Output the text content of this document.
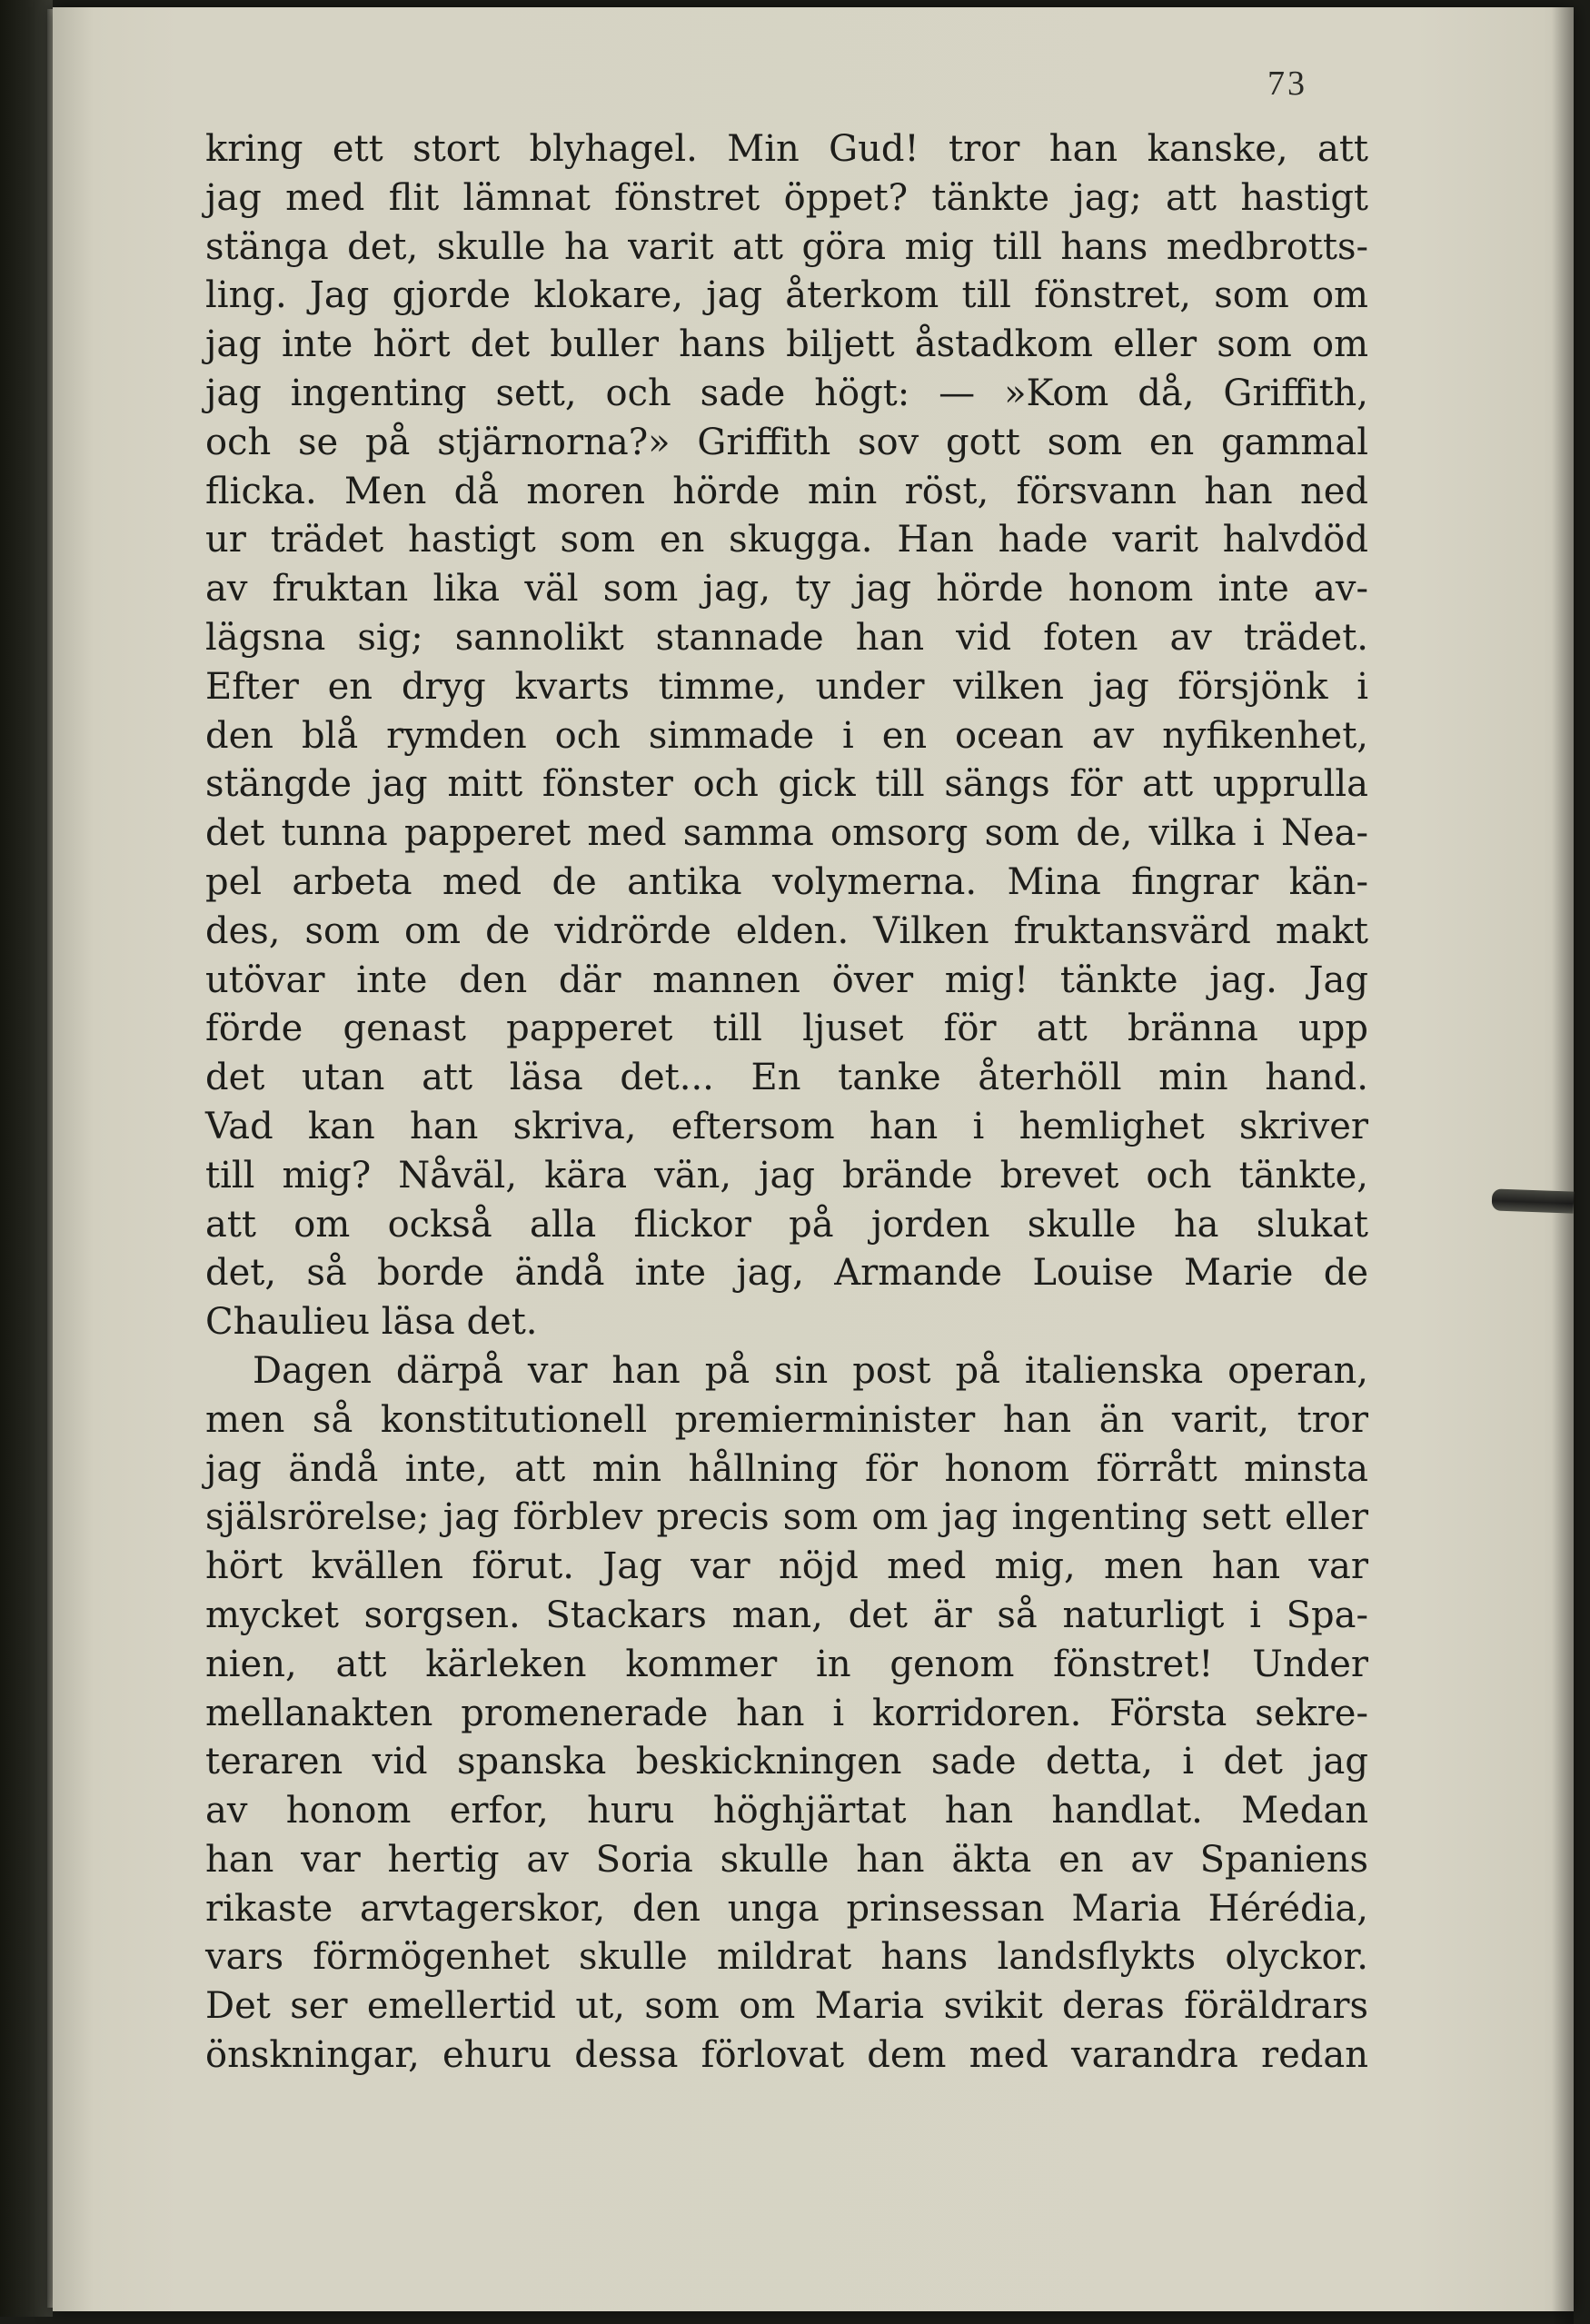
73
kring ett stort blyhagel. Min Gud! tror han kanske, att
jag med flit lämnat fönstret öppet? tänkte jag; att hastigt
stänga det, skulle ha varit att göra mig till hans medbrotts-
ling. Jag gjorde klokare, jag återkom till fönstret, som om
jag inte hört det buller hans biljett åstadkom eller som om
jag ingenting sett, och sade högt: — »Kom då, Griffith,
och se på stjärnorna?» Griffith sov gott som en gammal
flicka. Men då moren hörde min röst, försvann han ned
ur trädet hastigt som en skugga. Han hade varit halvdöd
av fruktan lika väl som jag, ty jag hörde honom inte av-
lägsna sig; sannolikt stannade han vid foten av trädet.
Efter en dryg kvarts timme, under vilken jag försjönk i
den blå rymden och simmade i en ocean av nyfikenhet,
stängde jag mitt fönster och gick till sängs för att upprulla
det tunna papperet med samma omsorg som de, vilka i Nea-
pel arbeta med de antika volymerna. Mina fingrar kän-
des, som om de vidrörde elden. Vilken fruktansvärd makt
utövar inte den där mannen över mig! tänkte jag. Jag
förde genast papperet till ljuset för att bränna upp
det utan att läsa det... En tanke återhöll min hand.
Vad kan han skriva, eftersom han i hemlighet skriver
till mig? Nåväl, kära vän, jag brände brevet och tänkte,
att om också alla flickor på jorden skulle ha slukat
det, så borde ändå inte jag, Armande Louise Marie de
Chaulieu läsa det.
Dagen därpå var han på sin post på italienska operan,
men så konstitutionell premierminister han än varit, tror
jag ändå inte, att min hållning för honom förrått minsta
själsrörelse; jag förblev precis som om jag ingenting sett eller
hört kvällen förut. Jag var nöjd med mig, men han var
mycket sorgsen. Stackars man, det är så naturligt i Spa-
nien, att kärleken kommer in genom fönstret! Under
mellanakten promenerade han i korridoren. Första sekre-
teraren vid spanska beskickningen sade detta, i det jag
av honom erfor, huru höghjärtat han handlat. Medan
han var hertig av Soria skulle han äkta en av Spaniens
rikaste arvtagerskor, den unga prinsessan Maria Hérédia,
vars förmögenhet skulle mildrat hans landsflykts olyckor.
Det ser emellertid ut, som om Maria svikit deras föräldrars
önskningar, ehuru dessa förlovat dem med varandra redan
